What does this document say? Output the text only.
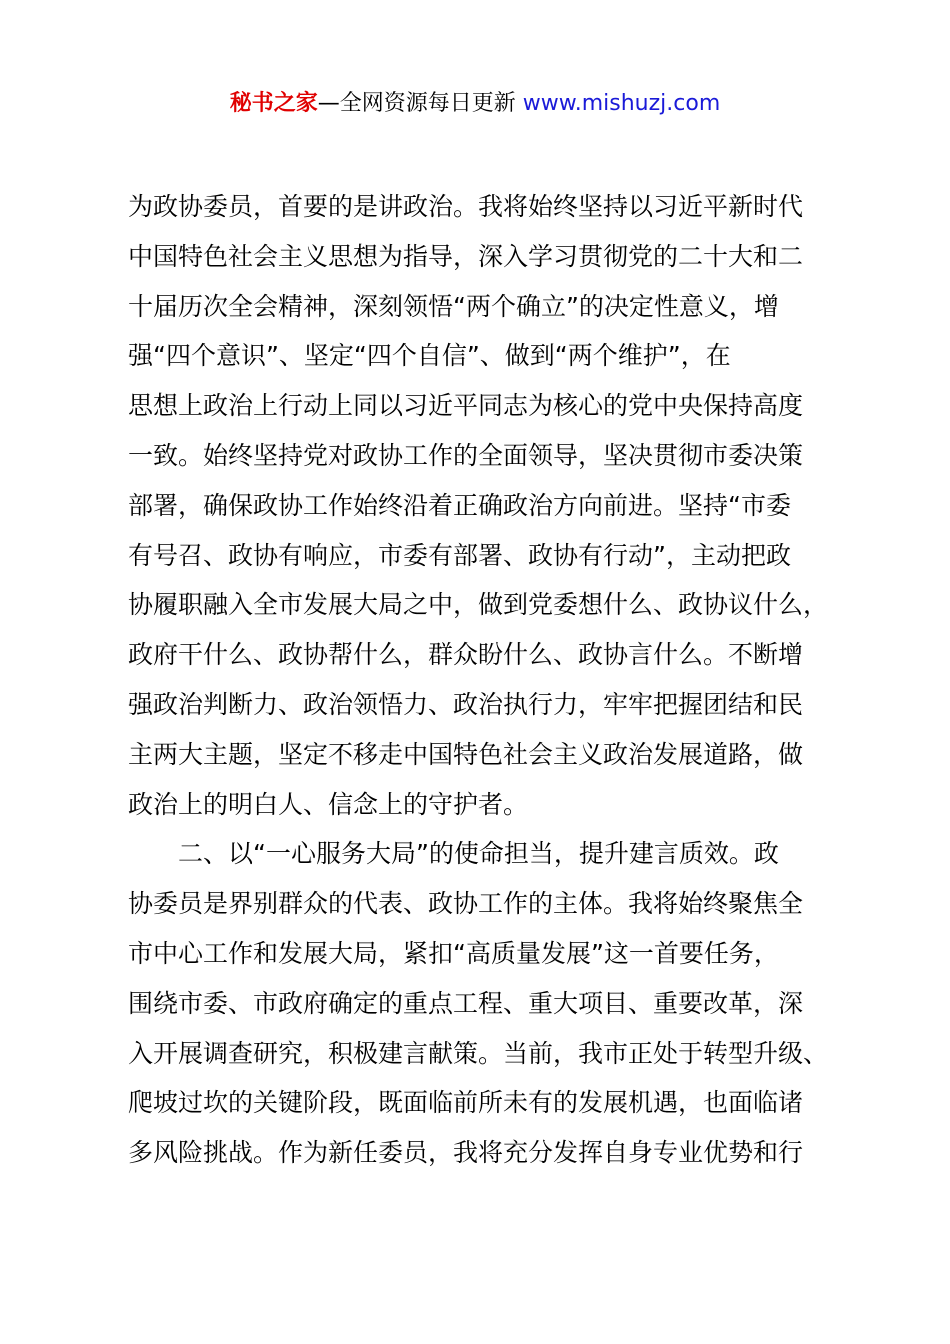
秘书之家—全网资源每日更新 www.mishuzj.com
为政协委员，首要的是讲政治。我将始终坚持以习近平新时代
中国特色社会主义思想为指导，深入学习贯彻党的二十大和二
十届历次全会精神，深刻领悟“两个确立”的决定性意义，增
强“四个意识”、坚定“四个自信”、做到“两个维护”，在
思想上政治上行动上同以习近平同志为核心的党中央保持高度
一致。始终坚持党对政协工作的全面领导，坚决贯彻市委决策
部署，确保政协工作始终沿着正确政治方向前进。坚持“市委
有号召、政协有响应，市委有部署、政协有行动”，主动把政
协履职融入全市发展大局之中，做到党委想什么、政协议什么，
政府干什么、政协帮什么，群众盼什么、政协言什么。不断增
强政治判断力、政治领悟力、政治执行力，牢牢把握团结和民
主两大主题，坚定不移走中国特色社会主义政治发展道路，做
政治上的明白人、信念上的守护者。
二、以“一心服务大局”的使命担当，提升建言质效。政
协委员是界别群众的代表、政协工作的主体。我将始终聚焦全
市中心工作和发展大局，紧扣“高质量发展”这一首要任务，
围绕市委、市政府确定的重点工程、重大项目、重要改革，深
入开展调查研究，积极建言献策。当前，我市正处于转型升级、
爬坡过坎的关键阶段，既面临前所未有的发展机遇，也面临诸
多风险挑战。作为新任委员，我将充分发挥自身专业优势和行
